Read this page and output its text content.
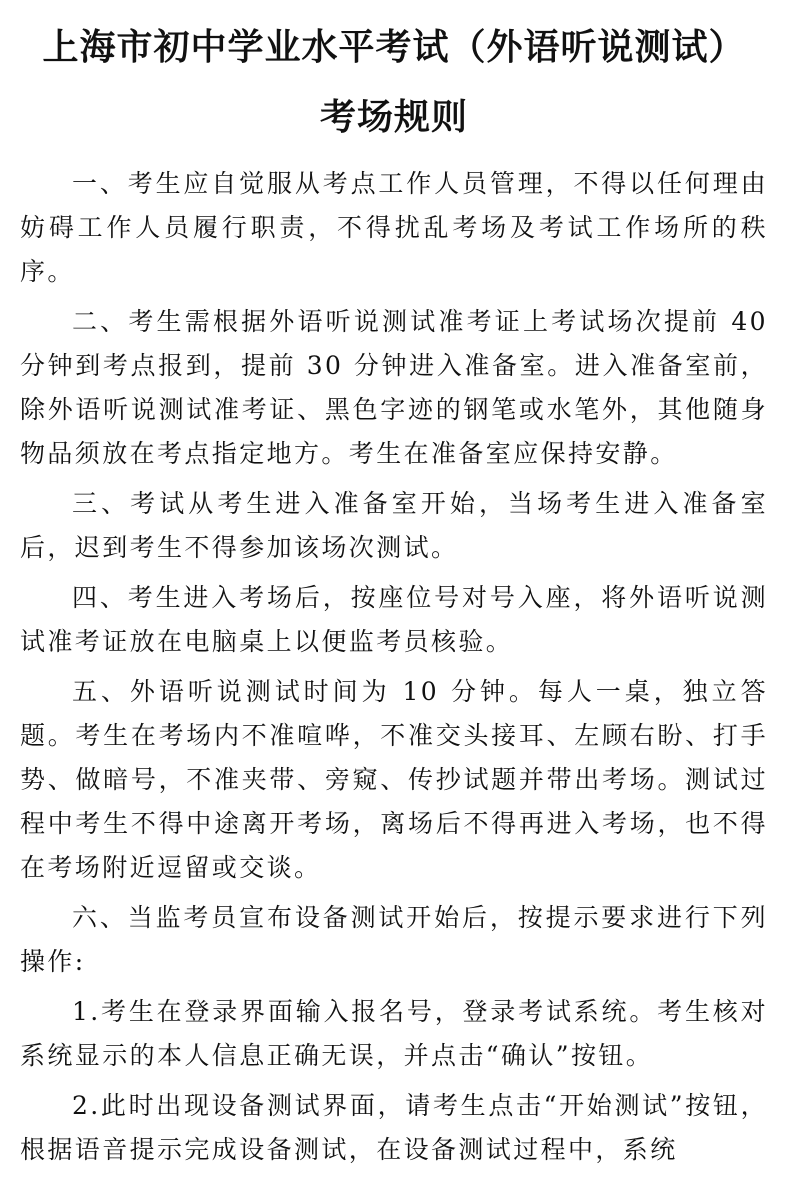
上海市初中学业水平考试（外语听说测试）
考场规则

一、考生应自觉服从考点工作人员管理，不得以任何理由妨碍工作人员履行职责，不得扰乱考场及考试工作场所的秩序。

二、考生需根据外语听说测试准考证上考试场次提前 40 分钟到考点报到，提前 30 分钟进入准备室。进入准备室前，除外语听说测试准考证、黑色字迹的钢笔或水笔外，其他随身物品须放在考点指定地方。考生在准备室应保持安静。

三、考试从考生进入准备室开始，当场考生进入准备室后，迟到考生不得参加该场次测试。

四、考生进入考场后，按座位号对号入座，将外语听说测试准考证放在电脑桌上以便监考员核验。

五、外语听说测试时间为 10 分钟。每人一桌，独立答题。考生在考场内不准喧哗，不准交头接耳、左顾右盼、打手势、做暗号，不准夹带、旁窥、传抄试题并带出考场。测试过程中考生不得中途离开考场，离场后不得再进入考场，也不得在考场附近逗留或交谈。

六、当监考员宣布设备测试开始后，按提示要求进行下列操作:

1.考生在登录界面输入报名号，登录考试系统。考生核对系统显示的本人信息正确无误，并点击“确认”按钮。

2.此时出现设备测试界面，请考生点击“开始测试”按钮，根据语音提示完成设备测试，在设备测试过程中，系统
